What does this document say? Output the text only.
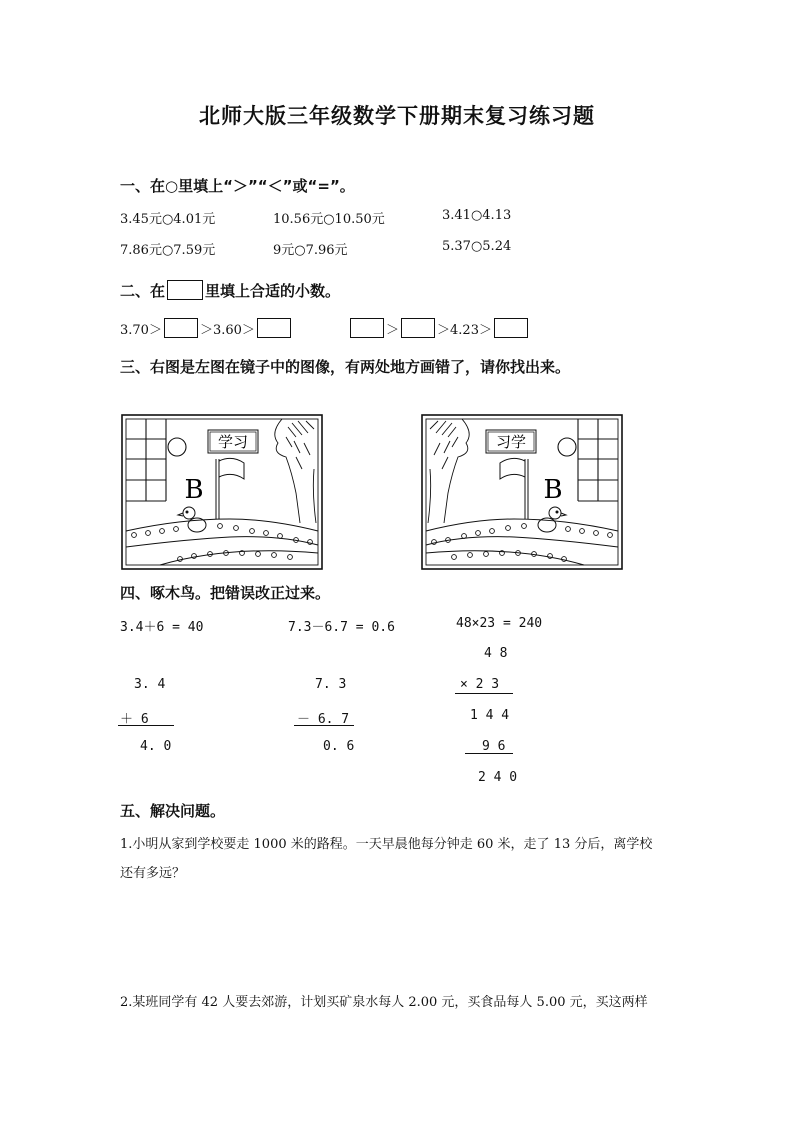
北师大版三年级数学下册期末复习练习题
一、在○里填上“＞”“＜”或“=”。
3.45元○4.01元	10.56元○10.50元	3.41○4.13
7.86元○7.59元	9元○7.96元	5.37○5.24
二、在	里填上合适的小数。
3.70＞	＞3.60＞	＞	＞4.23＞
三、右图是左图在镜子中的图像，有两处地方画错了，请你找出来。
学习
B
习学
B
四、啄木鸟。把错误改正过来。
3.4＋6 = 40	7.3－6.7 = 0.6	48×23 = 240
3. 4
＋ 6
4. 0
7. 3
－ 6. 7
0. 6
4 8
× 2 3
1 4 4
9 6
2 4 0
五、解决问题。
1.小明从家到学校要走 1000 米的路程。一天早晨他每分钟走 60 米，走了 13 分后，离学校
还有多远？
2.某班同学有 42 人要去郊游，计划买矿泉水每人 2.00 元，买食品每人 5.00 元，买这两样
